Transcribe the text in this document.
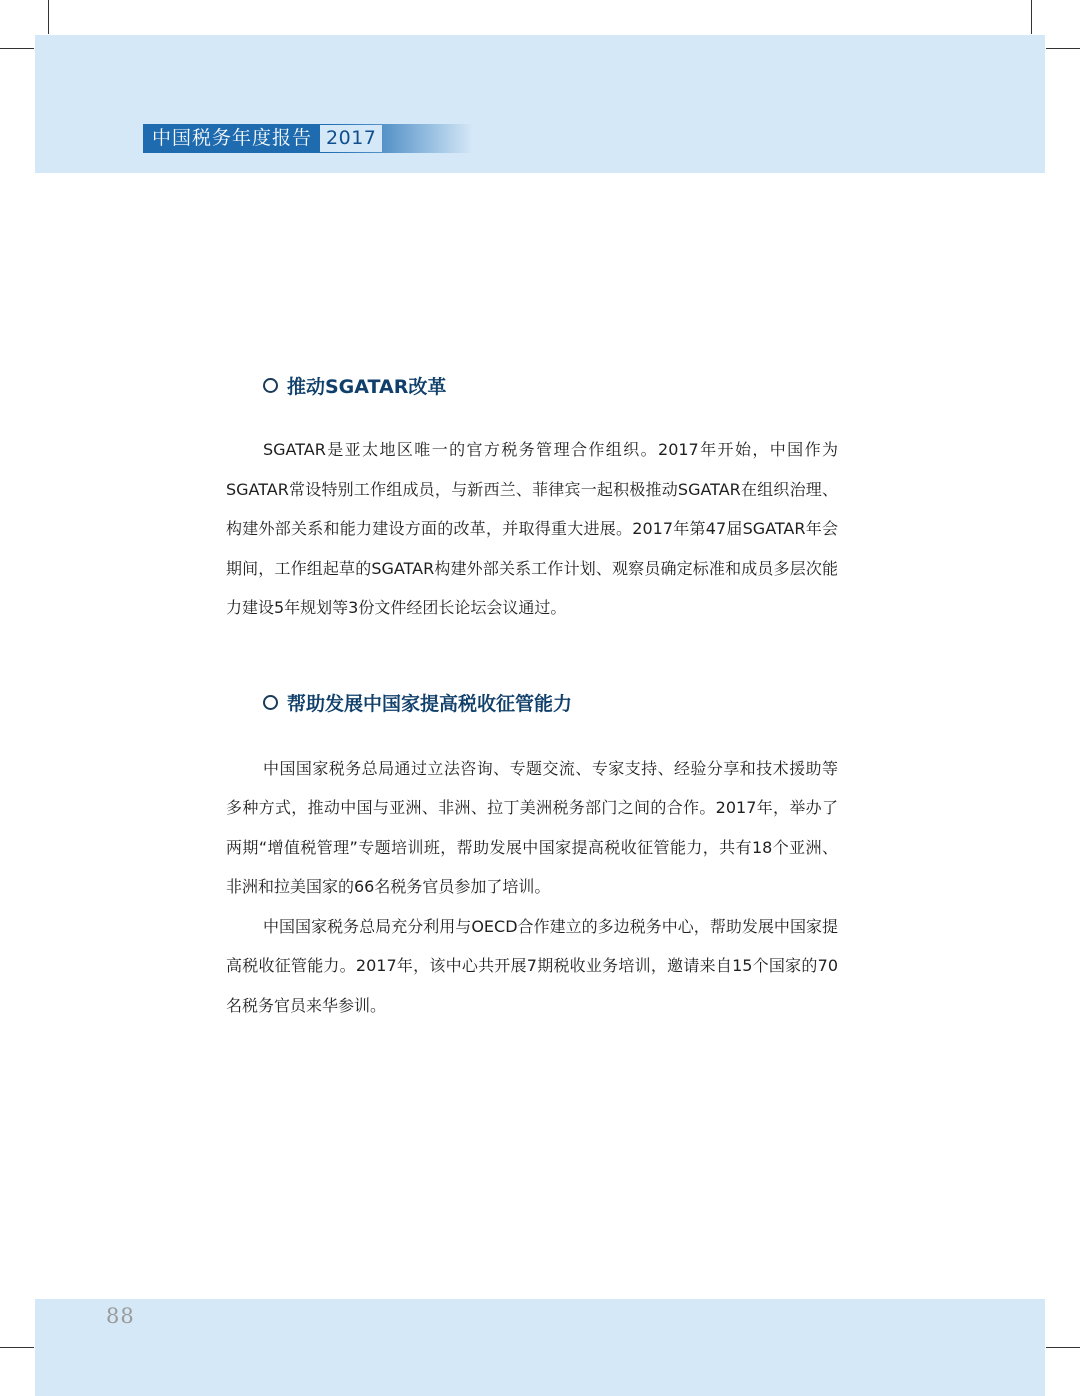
中国税务年度报告 2017
推动SGATAR改革

SGATAR是亚太地区唯一的官方税务管理合作组织。2017年开始，中国作为SGATAR常设特别工作组成员，与新西兰、菲律宾一起积极推动SGATAR在组织治理、构建外部关系和能力建设方面的改革，并取得重大进展。2017年第47届SGATAR年会期间，工作组起草的SGATAR构建外部关系工作计划、观察员确定标准和成员多层次能力建设5年规划等3份文件经团长论坛会议通过。

帮助发展中国家提高税收征管能力

中国国家税务总局通过立法咨询、专题交流、专家支持、经验分享和技术援助等多种方式，推动中国与亚洲、非洲、拉丁美洲税务部门之间的合作。2017年，举办了两期“增值税管理”专题培训班，帮助发展中国家提高税收征管能力，共有18个亚洲、非洲和拉美国家的66名税务官员参加了培训。

中国国家税务总局充分利用与OECD合作建立的多边税务中心，帮助发展中国家提高税收征管能力。2017年，该中心共开展7期税收业务培训，邀请来自15个国家的70名税务官员来华参训。

88
